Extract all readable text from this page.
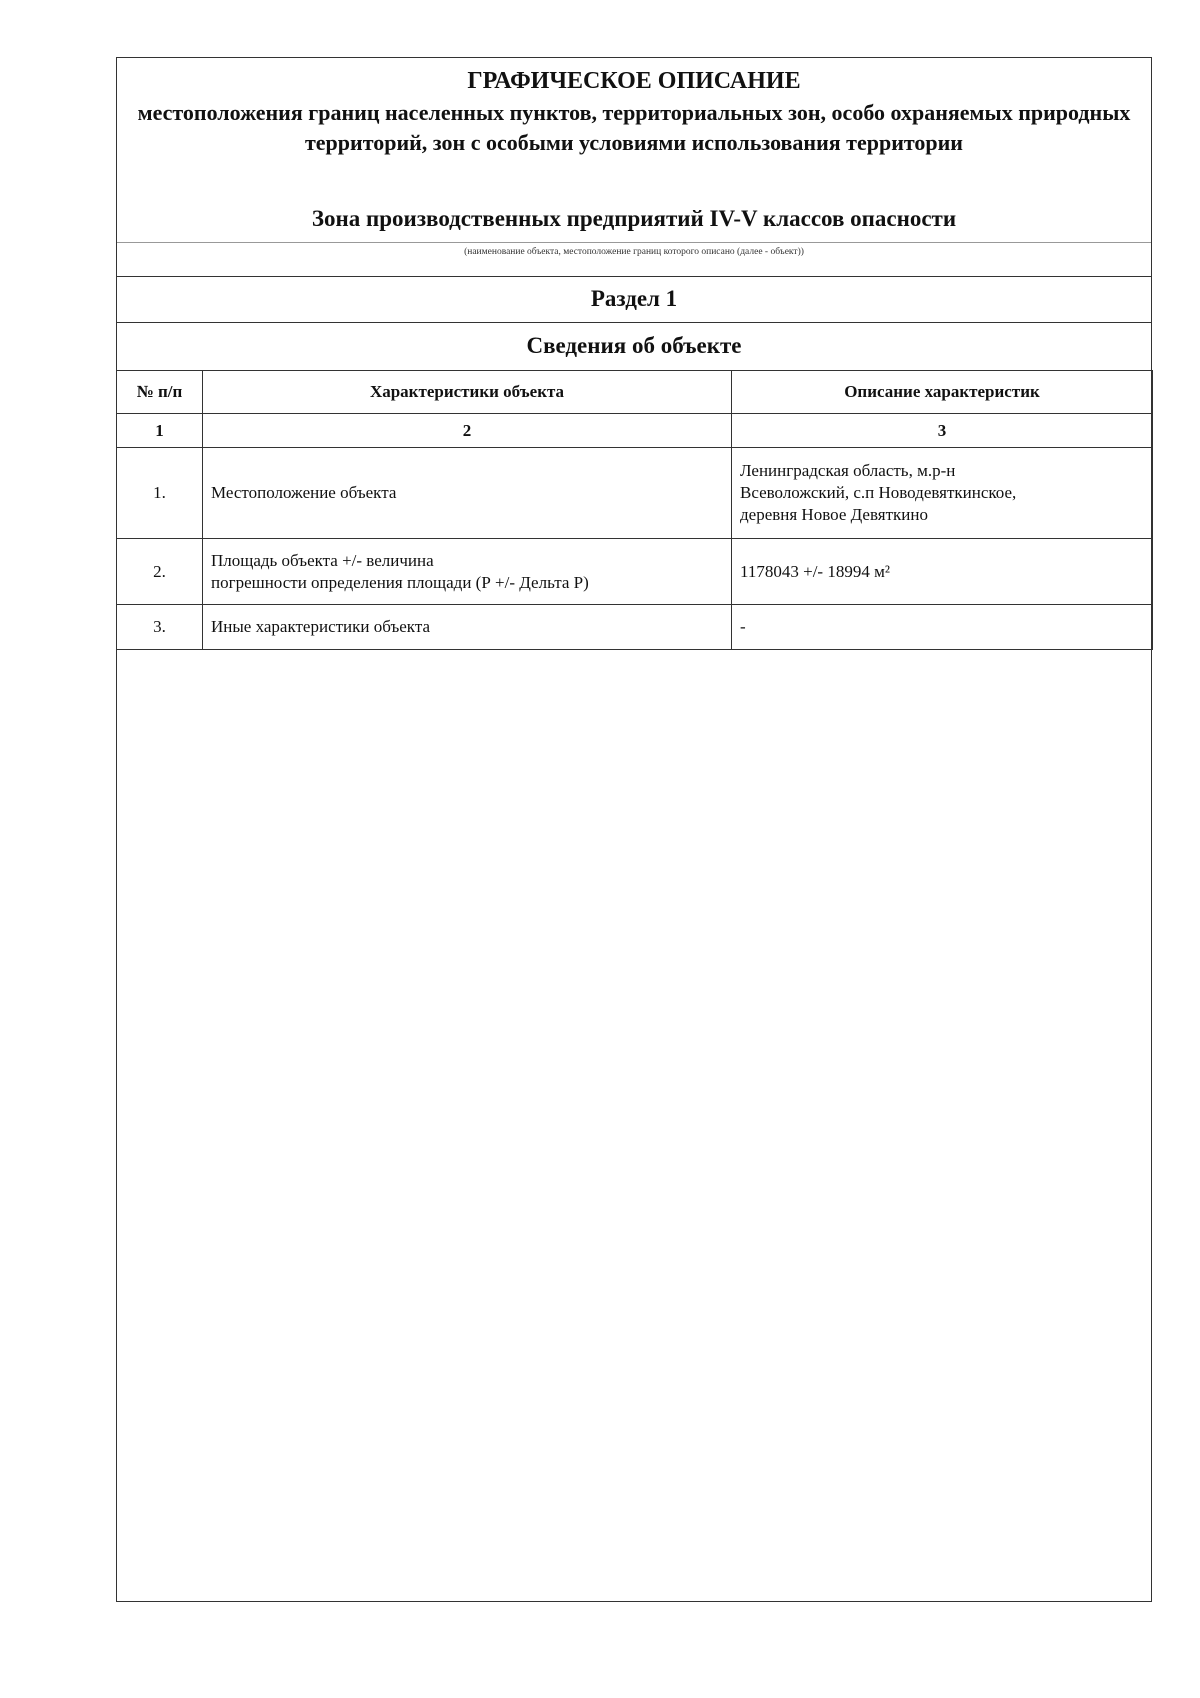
ГРАФИЧЕСКОЕ ОПИСАНИЕ
местоположения границ населенных пунктов, территориальных зон, особо охраняемых природных территорий, зон с особыми условиями использования территории
Зона производственных предприятий IV-V классов опасности
(наименование объекта, местоположение границ которого описано (далее - объект))
Раздел 1
Сведения об объекте
№ п/п	Характеристики объекта	Описание характеристик
1	2	3
1.	Местоположение объекта	Ленинградская область, м.р-н
Всеволожский, с.п Новодевяткинское,
деревня Новое Девяткино
2.	Площадь объекта +/- величина
погрешности определения площади (Р +/- Дельта Р)	1178043 +/- 18994 м²
3.	Иные характеристики объекта	-
